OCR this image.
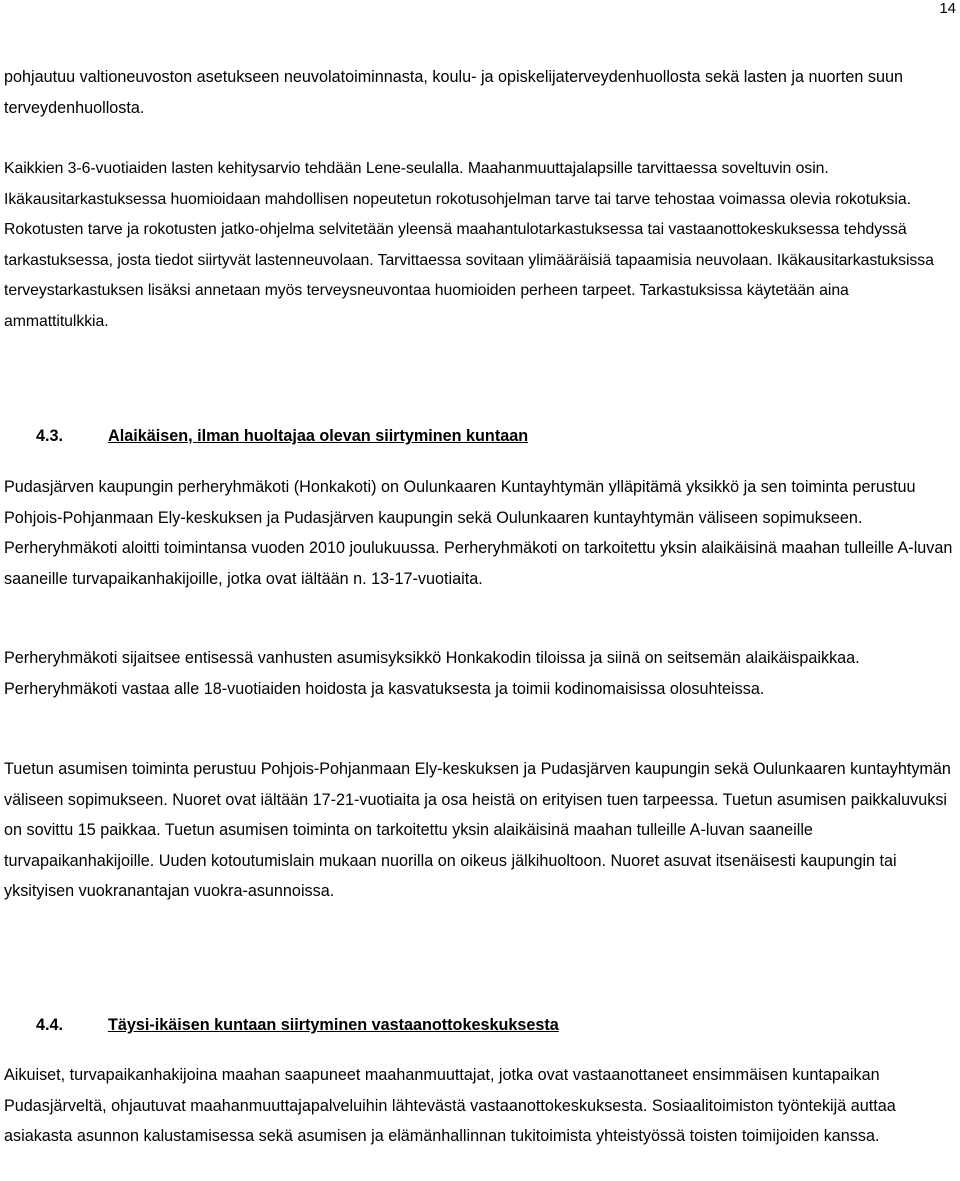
14

pohjautuu valtioneuvoston asetukseen neuvolatoiminnasta, koulu- ja opiskelijaterveydenhuollosta sekä lasten ja nuorten suun terveydenhuollosta.

Kaikkien 3-6-vuotiaiden lasten kehitysarvio tehdään Lene-seulalla. Maahanmuuttajalapsille tarvittaessa soveltuvin osin. Ikäkausitarkastuksessa huomioidaan mahdollisen nopeutetun rokotusohjelman tarve tai tarve tehostaa voimassa olevia rokotuksia. Rokotusten tarve ja rokotusten jatko-ohjelma selvitetään yleensä maahantulotarkastuksessa tai vastaanottokeskuksessa tehdyssä tarkastuksessa, josta tiedot siirtyvät lastenneuvolaan. Tarvittaessa sovitaan ylimääräisiä tapaamisia neuvolaan. Ikäkausitarkastuksissa terveystarkastuksen lisäksi annetaan myös terveysneuvontaa huomioiden perheen tarpeet. Tarkastuksissa käytetään aina ammattitulkkia.

4.3.	Alaikäisen, ilman huoltajaa olevan siirtyminen kuntaan

Pudasjärven kaupungin perheryhmäkoti (Honkakoti) on Oulunkaaren Kuntayhtymän ylläpitämä yksikkö ja sen toiminta perustuu Pohjois-Pohjanmaan Ely-keskuksen ja Pudasjärven kaupungin sekä Oulunkaaren kuntayhtymän väliseen sopimukseen. Perheryhmäkoti aloitti toimintansa vuoden 2010 joulukuussa. Perheryhmäkoti on tarkoitettu yksin alaikäisinä maahan tulleille A-luvan saaneille turvapaikanhakijoille, jotka ovat iältään n. 13-17-vuotiaita.

Perheryhmäkoti sijaitsee entisessä vanhusten asumisyksikkö Honkakodin tiloissa ja siinä on seitsemän alaikäispaikkaa. Perheryhmäkoti vastaa alle 18-vuotiaiden hoidosta ja kasvatuksesta ja toimii kodinomaisissa olosuhteissa.

Tuetun asumisen toiminta perustuu Pohjois-Pohjanmaan Ely-keskuksen ja Pudasjärven kaupungin sekä Oulunkaaren kuntayhtymän väliseen sopimukseen. Nuoret ovat iältään 17-21-vuotiaita ja osa heistä on erityisen tuen tarpeessa. Tuetun asumisen paikkaluvuksi on sovittu 15 paikkaa. Tuetun asumisen toiminta on tarkoitettu yksin alaikäisinä maahan tulleille A-luvan saaneille turvapaikanhakijoille. Uuden kotoutumislain mukaan nuorilla on oikeus jälkihuoltoon. Nuoret asuvat itsenäisesti kaupungin tai yksityisen vuokranantajan vuokra-asunnoissa.

4.4.	Täysi-ikäisen kuntaan siirtyminen vastaanottokeskuksesta

Aikuiset, turvapaikanhakijoina maahan saapuneet maahanmuuttajat, jotka ovat vastaanottaneet ensimmäisen kuntapaikan Pudasjärveltä, ohjautuvat maahanmuuttajapalveluihin lähtevästä vastaanottokeskuksesta. Sosiaalitoimiston työntekijä auttaa asiakasta asunnon kalustamisessa sekä asumisen ja elämänhallinnan tukitoimista yhteistyössä toisten toimijoiden kanssa.
